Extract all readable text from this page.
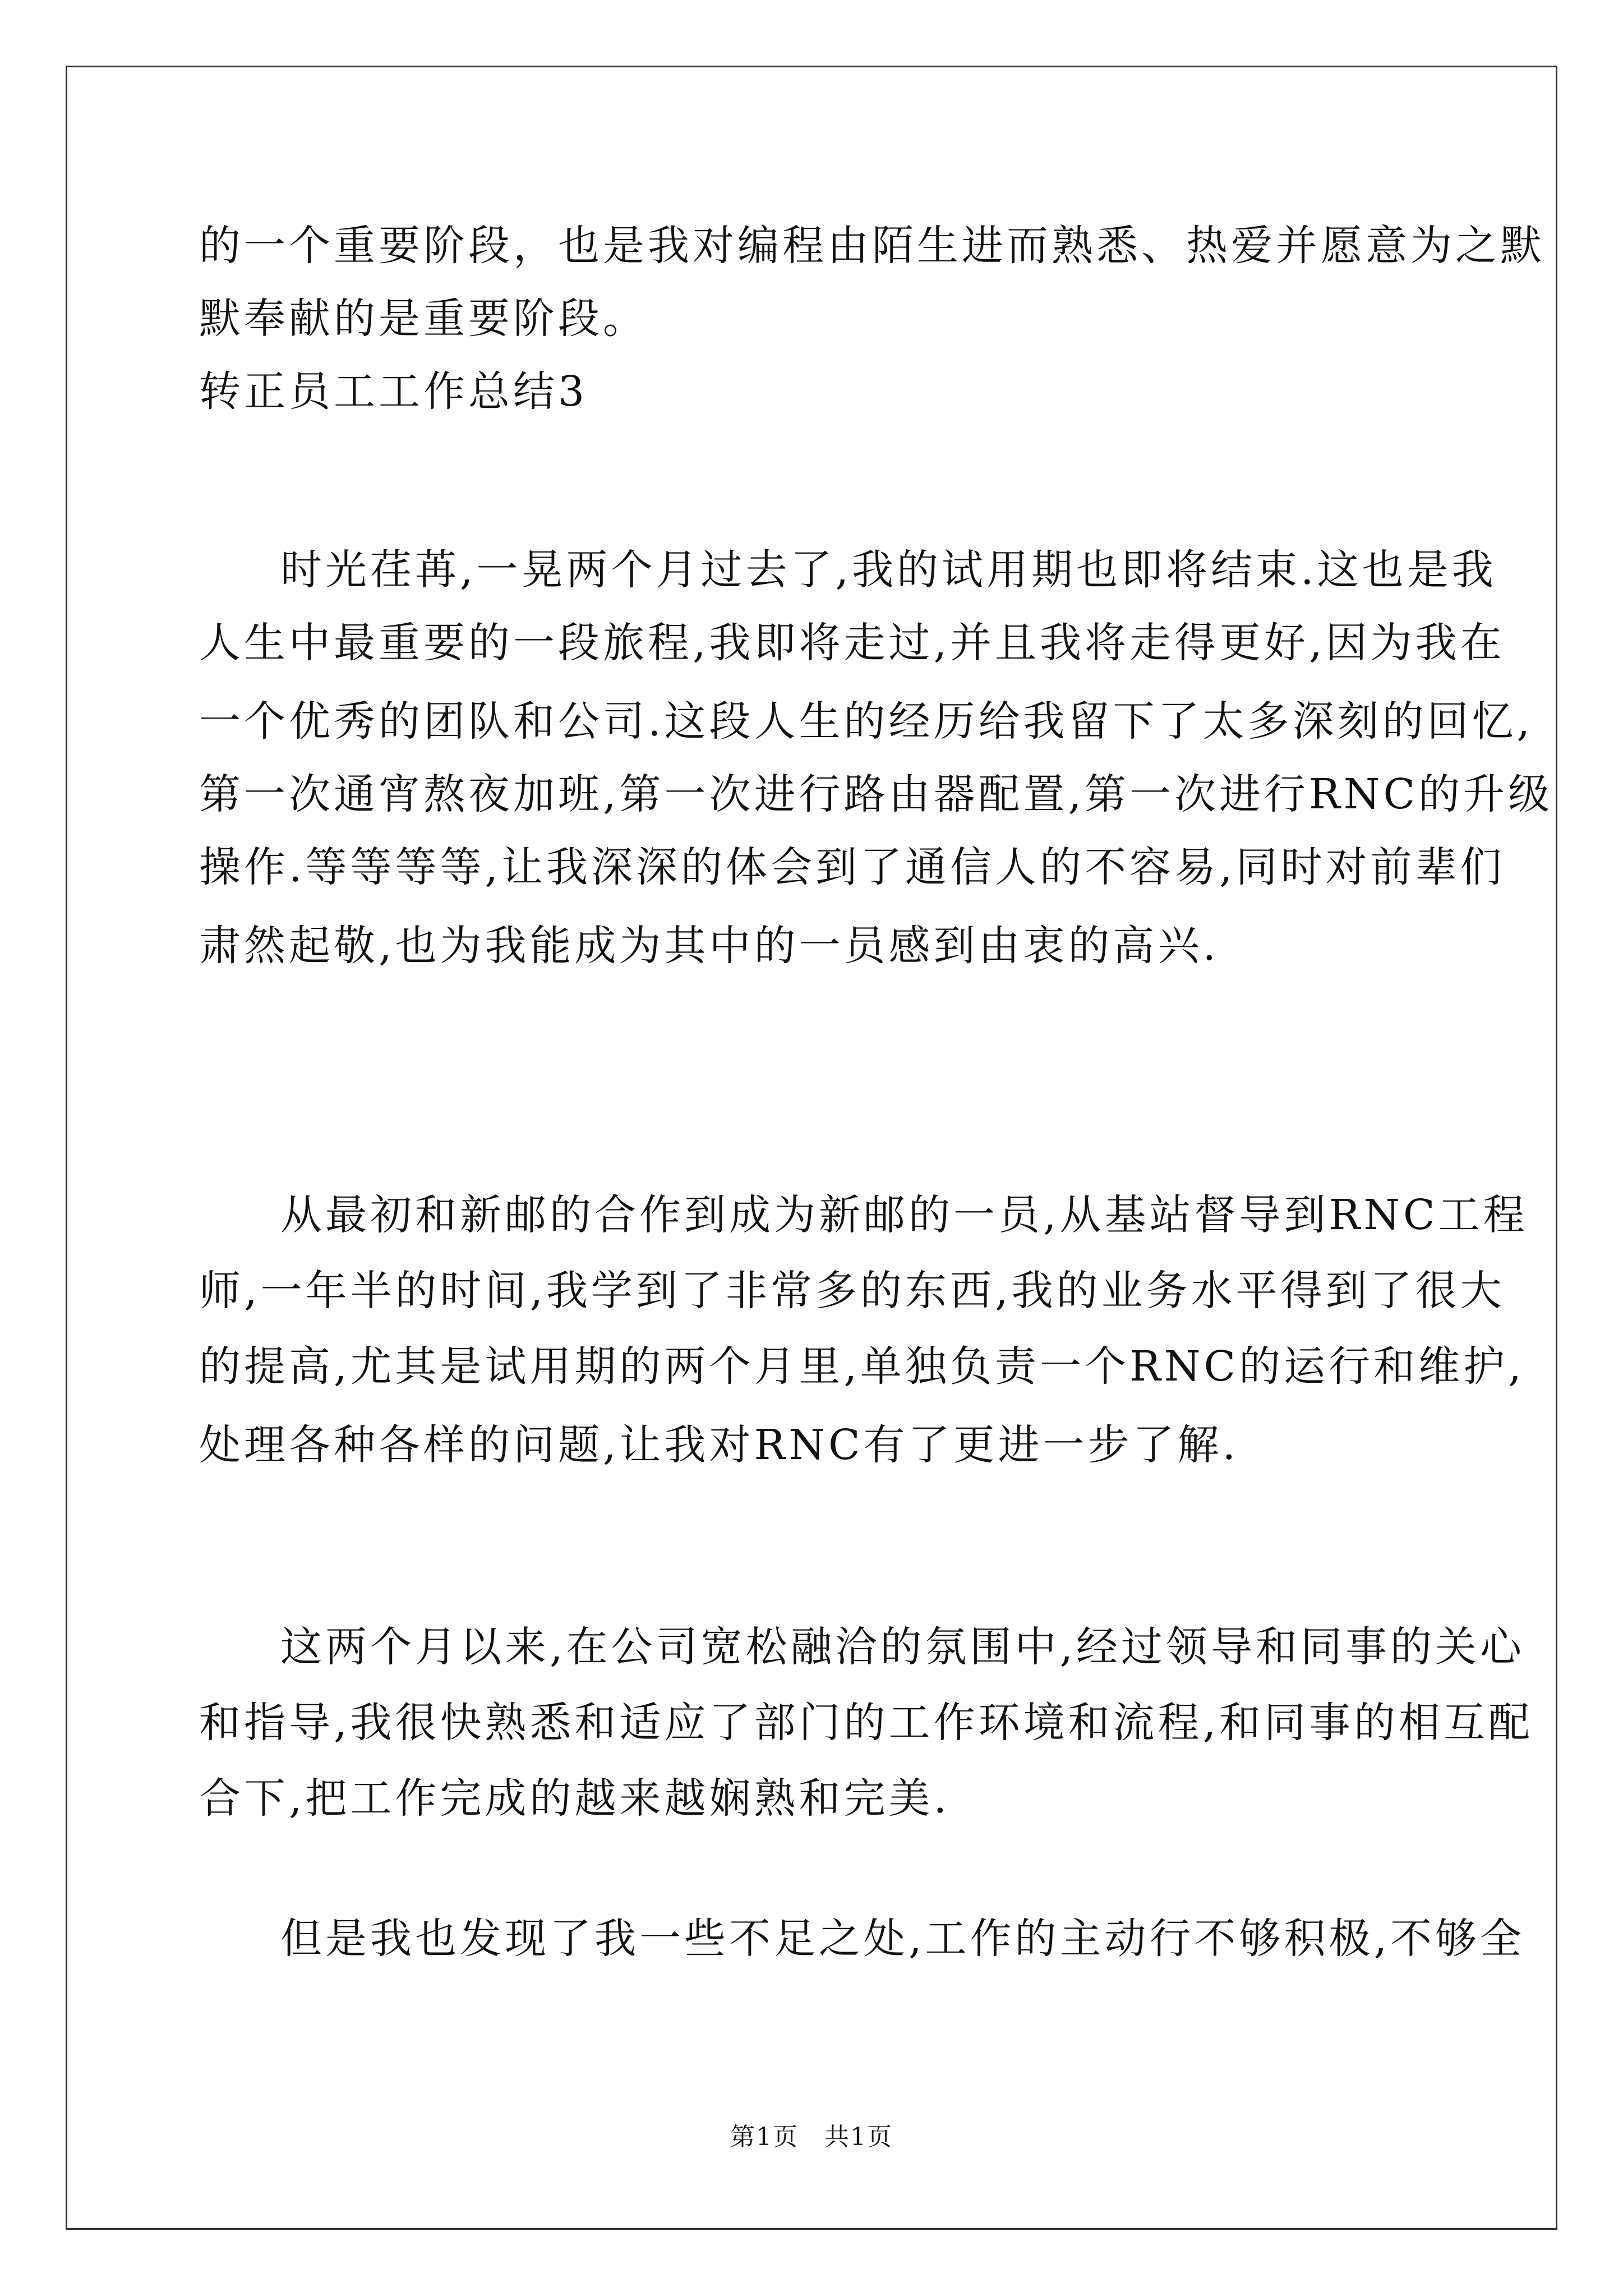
的一个重要阶段，也是我对编程由陌生进而熟悉、热爱并愿意为之默
默奉献的是重要阶段。
转正员工工作总结3
时光荏苒,一晃两个月过去了,我的试用期也即将结束.这也是我
人生中最重要的一段旅程,我即将走过,并且我将走得更好,因为我在
一个优秀的团队和公司.这段人生的经历给我留下了太多深刻的回忆,
第一次通宵熬夜加班,第一次进行路由器配置,第一次进行RNC的升级
操作.等等等等,让我深深的体会到了通信人的不容易,同时对前辈们
肃然起敬,也为我能成为其中的一员感到由衷的高兴.
从最初和新邮的合作到成为新邮的一员,从基站督导到RNC工程
师,一年半的时间,我学到了非常多的东西,我的业务水平得到了很大
的提高,尤其是试用期的两个月里,单独负责一个RNC的运行和维护,
处理各种各样的问题,让我对RNC有了更进一步了解.
这两个月以来,在公司宽松融洽的氛围中,经过领导和同事的关心
和指导,我很快熟悉和适应了部门的工作环境和流程,和同事的相互配
合下,把工作完成的越来越娴熟和完美.
但是我也发现了我一些不足之处,工作的主动行不够积极,不够全
第1页　共1页
